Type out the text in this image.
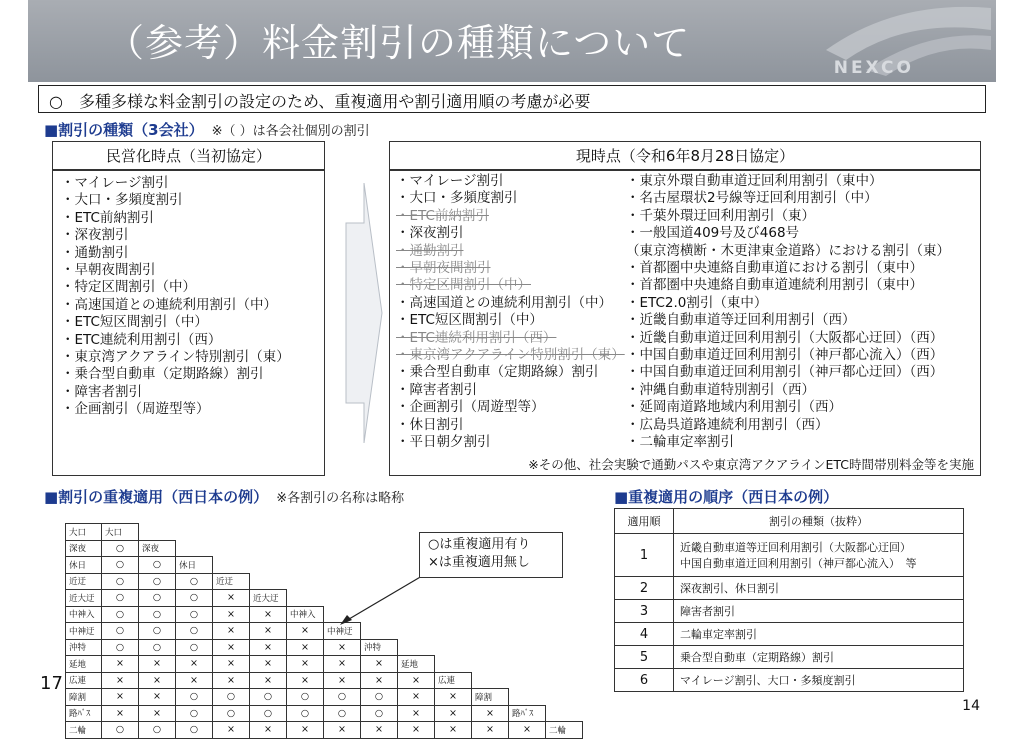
（参考）料金割引の種類について
NEXCO
○　多種多様な料金割引の設定のため、重複適用や割引適用順の考慮が必要
■割引の種類（3会社） ※（ ）は各会社個別の割引
民営化時点（当初協定）
・マイレージ割引
・大口・多頻度割引
・ETC前納割引
・深夜割引
・通勤割引
・早朝夜間割引
・特定区間割引（中）
・高速国道との連続利用割引（中）
・ETC短区間割引（中）
・ETC連続利用割引（西）
・東京湾アクアライン特別割引（東）
・乗合型自動車（定期路線）割引
・障害者割引
・企画割引（周遊型等）
現時点（令和6年8月28日協定）
・マイレージ割引
・大口・多頻度割引
・ETC前納割引
・深夜割引
・通勤割引
・早朝夜間割引
・特定区間割引（中）
・高速国道との連続利用割引（中）
・ETC短区間割引（中）
・ETC連続利用割引（西）
・東京湾アクアライン特別割引（東）
・乗合型自動車（定期路線）割引
・障害者割引
・企画割引（周遊型等）
・休日割引
・平日朝夕割引
・東京外環自動車道迂回利用割引（東中）
・名古屋環状2号線等迂回利用割引（中）
・千葉外環迂回利用割引（東）
・一般国道409号及び468号
（東京湾横断・木更津東金道路）における割引（東）
・首都圏中央連絡自動車道における割引（東中）
・首都圏中央連絡自動車道連続利用割引（東中）
・ETC2.0割引（東中）
・近畿自動車道等迂回利用割引（西）
・近畿自動車道迂回利用割引（大阪都心迂回）（西）
・中国自動車道迂回利用割引（神戸都心流入）（西）
・中国自動車道迂回利用割引（神戸都心迂回）（西）
・沖縄自動車道特別割引（西）
・延岡南道路地域内利用割引（西）
・広島呉道路連続利用割引（西）
・二輪車定率割引
※その他、社会実験で通勤パスや東京湾アクアラインETC時間帯別料金等を実施
■割引の重複適用（西日本の例） ※各割引の名称は略称

大口	大口												
深夜	○	深夜											
休日	○	○	休日										
近迂	○	○	○	近迂									
近大迂	○	○	○	×	近大迂								
中神入	○	○	○	×	×	中神入							
中神迂	○	○	○	×	×	×	中神迂						
沖特	○	○	○	×	×	×	×	沖特					
延地	×	×	×	×	×	×	×	×	延地				
広連	×	×	×	×	×	×	×	×	×	広連			
障割	×	×	○	○	○	○	○	○	×	×	障割		
路ﾊﾞｽ	×	×	○	○	○	○	○	○	×	×	×	路ﾊﾞｽ	
二輪	○	○	○	×	×	×	×	×	×	×	×	×	二輪
○は重複適用有り
×は重複適用無し
■重複適用の順序（西日本の例）
適用順	割引の種類（抜粋）
1	近畿自動車道等迂回利用割引（大阪都心迂回）
中国自動車道迂回利用割引（神戸都心流入）　等

2	深夜割引、休日割引

3	障害者割引

4	二輪車定率割引

5	乗合型自動車（定期路線）割引

6	マイレージ割引、大口・多頻度割引
17
14
